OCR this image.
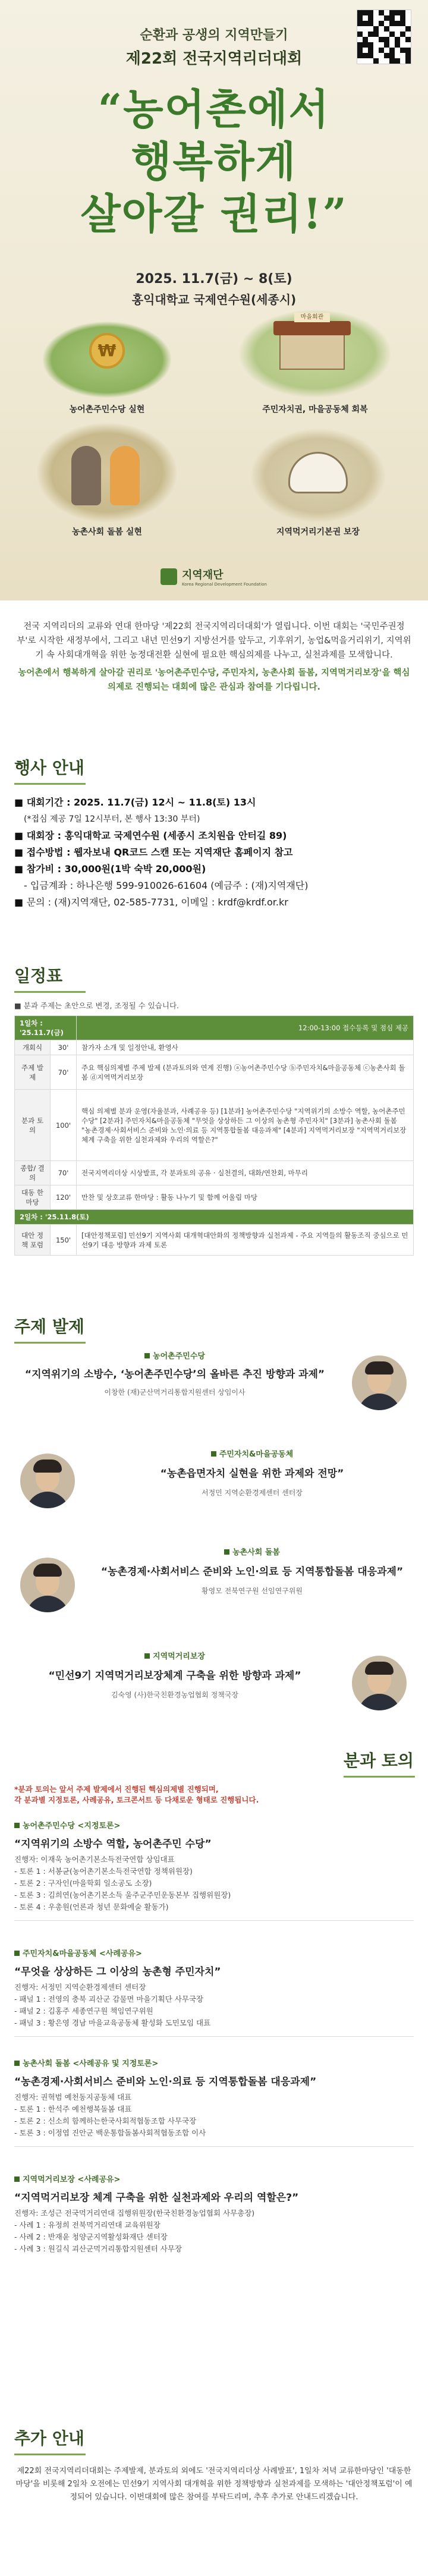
순환과 공생의 지역만들기
제22회 전국지역리더대회
“농어촌에서
행복하게
살아갈 권리!”
2025. 11.7(금) ~ 8(토)
홍익대학교 국제연수원(세종시)
₩
농어촌주민수당 실현
마을회관
주민자치권, 마을공동체 회복
농촌사회 돌봄 실현	지역먹거리기본권 보장
지역재단
Korea Regional Development Foundation

전국 지역리더의 교류와 연대 한마당 '제22회 전국지역리더대회'가 열립니다. 이번 대회는 '국민주권정부'로 시작한 새정부에서, 그리고 내년 민선9기 지방선거를 앞두고, 기후위기, 농업&먹을거리위기, 지역위기 속 사회대개혁을 위한 농정대전환 실현에 필요한 핵심의제를 나누고, 실천과제를 모색합니다.

농어촌에서 행복하게 살아갈 권리로 '농어촌주민수당, 주민자치, 농촌사회 돌봄, 지역먹거리보장'을 핵심의제로 진행되는 대회에 많은 관심과 참여를 기다립니다.

행사 안내
■ 대회기간 : 2025. 11.7(금) 12시 ~ 11.8(토) 13시
(*접심 제공 7일 12시부터, 본 행사 13:30 부터)
■ 대회장 : 홍익대학교 국제연수원 (세종시 조치원읍 안터길 89)
■ 접수방법 : 웹자보내 QR코드 스캔 또는 지역재단 홈페이지 참고
■ 참가비 : 30,000원(1박 숙박 20,000원)
- 입금계좌 : 하나은행 599-910026-61604 (예금주 : (재)지역재단)
■ 문의 : (재)지역재단, 02-585-7731, 이메일 : krdf@krdf.or.kr
일정표
■ 분과 주제는 초안으로 변경, 조정될 수 있습니다.
1일차 : '25.11.7(금)		12:00-13:00 접수등록 및 점심 제공
개회식	30'	참가자 소개 및 일정안내, 환영사
주제 발제	70'	주요 핵심의제별 주제 발제 (분과토의와 연계 진행) ⓐ농어촌주민수당 ⓑ주민자치&마을공동체 ⓒ농촌사회 돌봄 ⓓ지역먹거리보장
분과 토의	100'	핵심 의제별 분과 운영(자율분과, 사례공유 등) [1분과] 농어촌주민수당 "지역위기의 소방수 역할, 농어촌주민 수당" [2분과] 주민자치&마을공동체 "무엇을 상상하든 그 이상의 농촌형 주민자치" [3분과] 농촌사회 돌봄 "농촌경제·사회서비스 준비와 노인·의료 등 지역통합돌봄 대응과제" [4분과] 지역먹거리보장 "지역먹거리보장 체계 구축을 위한 실천과제와 우리의 역할은?"
종합/ 결의	70'	전국지역리더상 시상발표, 각 분과토의 공유 · 실천결의, 대화/연찬회, 마무리
대동 한마당	120'	만찬 및 상호교류 한마당 : 활동 나누기 및 함께 어울림 마당
2일차 : '25.11.8(토)		
대안 정책 포럼	150'	[대안정책포럼] 민선9기 지역사회 대개혁대안화의 정책방향과 실천과제 - 주요 지역들의 활동조직 중심으로 민선9기 대응 방향과 과제 토론
주제 발제
농어촌주민수당
“지역위기의 소방수, ‘농어촌주민수당’의 올바른 추진 방향과 과제”
이창한 (재)군산먹거리통합지원센터 상임이사
주민자치&마을공동체
“농촌읍면자치 실현을 위한 과제와 전망”
서정민 지역순환경제센터 센터장
농촌사회 돌봄
“농촌경제·사회서비스 준비와 노인·의료 등 지역통합돌봄 대응과제”
황영모 전북연구원 선임연구위원
지역먹거리보장
“민선9기 지역먹거리보장체계 구축을 위한 방향과 과제”
김숙영 (사)한국친환경농업협회 정책국장
분과 토의
*분과 토의는 앞서 주제 발제에서 진행된 핵심의제별 진행되며,
각 분과별 지정토론, 사례공유, 토크콘서트 등 다채로운 형태로 진행됩니다.
농어촌주민수당 <지정토론>
“지역위기의 소방수 역할, 농어촌주민 수당”
진행자: 이재욱 농어촌기본소득전국연합 상임대표
- 토론 1 : 서봉균(농어촌기본소득전국연합 정책위원장)
- 토론 2 : 구자인(마을학회 일소공도 소장)
- 토론 3 : 김희연(농어촌기본소득 울주군주민운동본부 집행위원장)
- 토론 4 : 우총원(언론과 청년 문화예술 활동가)
주민자치&마을공동체 <사례공유>
“무엇을 상상하든 그 이상의 농촌형 주민자치”
진행자: 서정민 지역순환경제센터 센터장
- 패널 1 : 전영의 충북 괴산군 감물면 마을기획단 사무국장
- 패널 2 : 김홍주 세종연구원 책임연구위원
- 패널 3 : 황은영 경남 마을교육공동체 활성화 도민모임 대표
농촌사회 돌봄 <사례공유 및 지정토론>
“농촌경제·사회서비스 준비와 노인·의료 등 지역통합돌봄 대응과제”
진행자: 권혁범 예천동지공동체 대표
- 토론 1 : 한석주 예천행복돌봄 대표
- 토론 2 : 신소희 함께하는한국사회적협동조합 사무국장
- 토론 3 : 이정엽 진안군 백운통합돌봄사회적협동조합 이사
지역먹거리보장 <사례공유>
“지역먹거리보장 체계 구축을 위한 실천과제와 우리의 역할은?”
진행자: 조성근 전국먹거리연대 집행위원장(한국친환경농업협회 사무총장)
- 사례 1 : 유정희 전북먹거리연대 교육위원장
- 사례 2 : 반재윤 청양군지역활성화재단 센터장
- 사례 3 : 원길식 괴산군먹거리통합지원센터 사무장
추가 안내
제22회 전국지역리더대회는 주제발제, 분과토의 외에도 '전국지역리더상 사례발표', 1일차 저녁 교류한마당인 '대동한마당'을 비롯해 2일차 오전에는 민선9기 지역사회 대개혁을 위한 정책방향과 실천과제를 모색하는 '대안정책포럼'이 예정되어 있습니다. 이번대회에 많은 참여를 부탁드리며, 추후 추가로 안내드리겠습니다.
